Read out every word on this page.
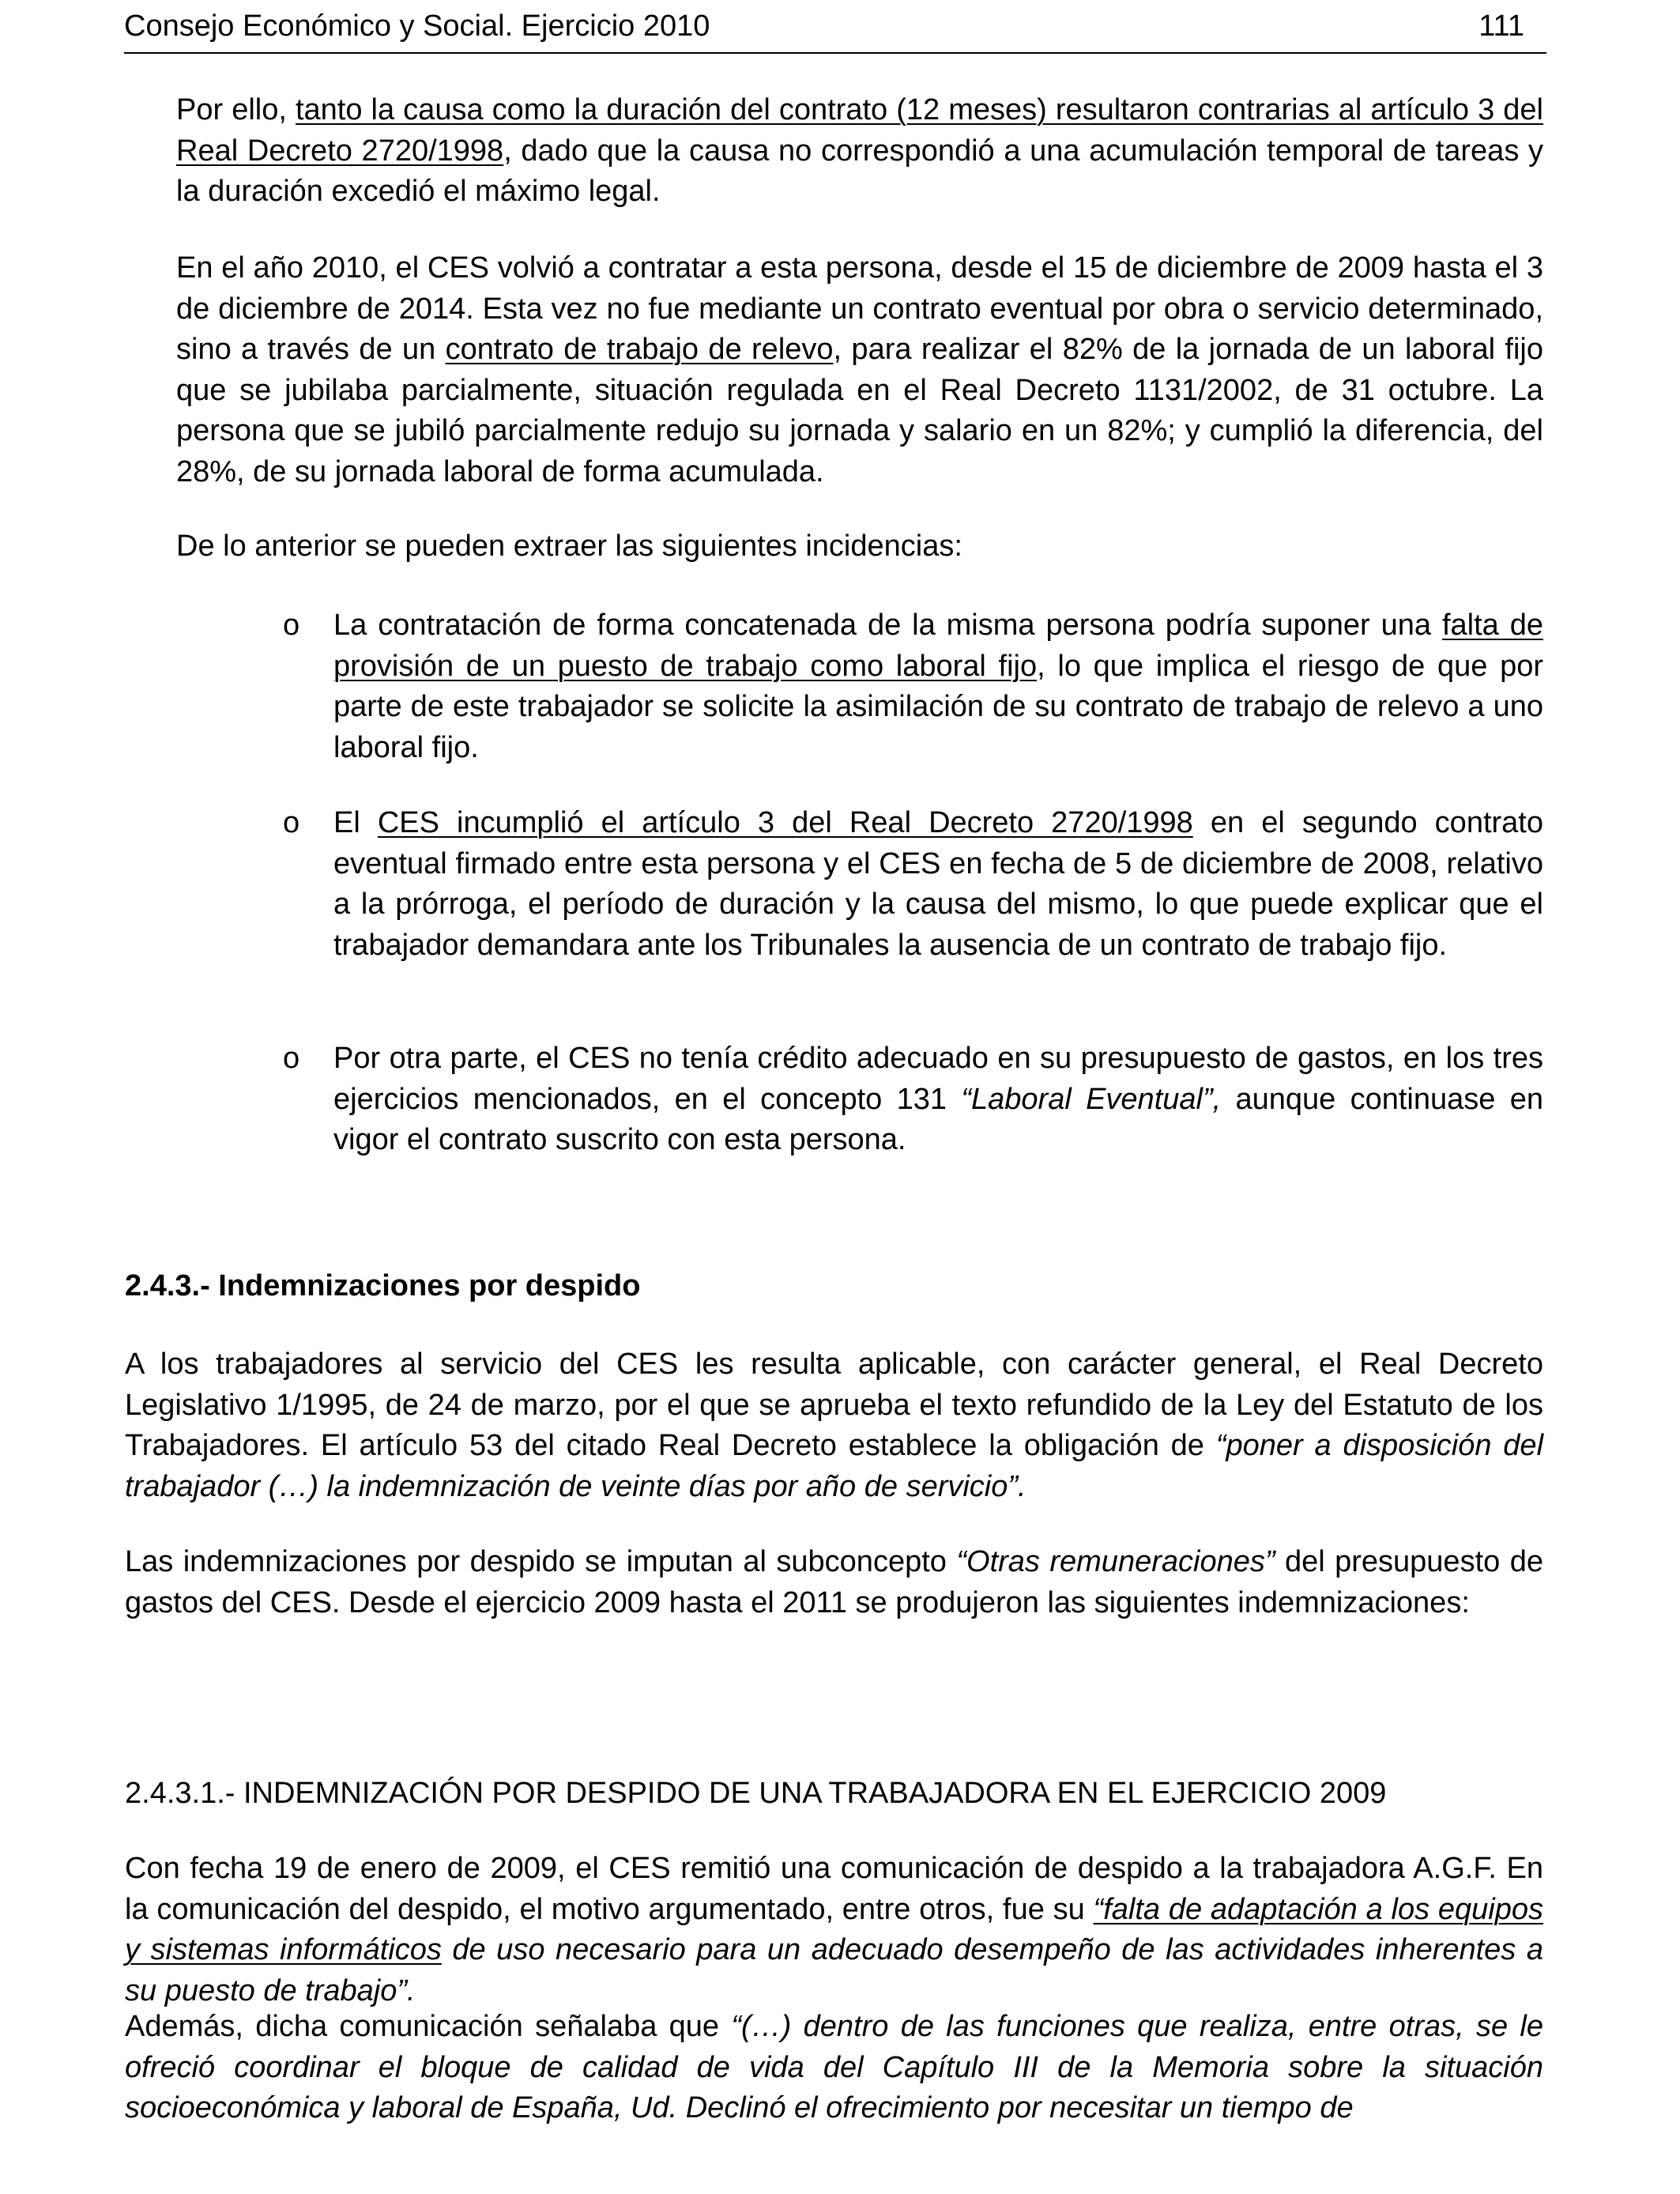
Consejo Económico y Social. Ejercicio 2010	111

Por ello, tanto la causa como la duración del contrato (12 meses) resultaron contrarias al artículo 3 del Real Decreto 2720/1998, dado que la causa no correspondió a una acumulación temporal de tareas y la duración excedió el máximo legal.

En el año 2010, el CES volvió a contratar a esta persona, desde el 15 de diciembre de 2009 hasta el 3 de diciembre de 2014. Esta vez no fue mediante un contrato eventual por obra o servicio determinado, sino a través de un contrato de trabajo de relevo, para realizar el 82% de la jornada de un laboral fijo que se jubilaba parcialmente, situación regulada en el Real Decreto 1131/2002, de 31 octubre. La persona que se jubiló parcialmente redujo su jornada y salario en un 82%; y cumplió la diferencia, del 28%, de su jornada laboral de forma acumulada.

De lo anterior se pueden extraer las siguientes incidencias:

o La contratación de forma concatenada de la misma persona podría suponer una falta de provisión de un puesto de trabajo como laboral fijo, lo que implica el riesgo de que por parte de este trabajador se solicite la asimilación de su contrato de trabajo de relevo a uno laboral fijo.

o El CES incumplió el artículo 3 del Real Decreto 2720/1998 en el segundo contrato eventual firmado entre esta persona y el CES en fecha de 5 de diciembre de 2008, relativo a la prórroga, el período de duración y la causa del mismo, lo que puede explicar que el trabajador demandara ante los Tribunales la ausencia de un contrato de trabajo fijo.

o Por otra parte, el CES no tenía crédito adecuado en su presupuesto de gastos, en los tres ejercicios mencionados, en el concepto 131 “Laboral Eventual”, aunque continuase en vigor el contrato suscrito con esta persona.

2.4.3.- Indemnizaciones por despido

A los trabajadores al servicio del CES les resulta aplicable, con carácter general, el Real Decreto Legislativo 1/1995, de 24 de marzo, por el que se aprueba el texto refundido de la Ley del Estatuto de los Trabajadores. El artículo 53 del citado Real Decreto establece la obligación de “poner a disposición del trabajador (…) la indemnización de veinte días por año de servicio”.

Las indemnizaciones por despido se imputan al subconcepto “Otras remuneraciones” del presupuesto de gastos del CES. Desde el ejercicio 2009 hasta el 2011 se produjeron las siguientes indemnizaciones:

2.4.3.1.- INDEMNIZACIÓN POR DESPIDO DE UNA TRABAJADORA EN EL EJERCICIO 2009

Con fecha 19 de enero de 2009, el CES remitió una comunicación de despido a la trabajadora A.G.F. En la comunicación del despido, el motivo argumentado, entre otros, fue su “falta de adaptación a los equipos y sistemas informáticos de uso necesario para un adecuado desempeño de las actividades inherentes a su puesto de trabajo”.

Además, dicha comunicación señalaba que “(…) dentro de las funciones que realiza, entre otras, se le ofreció coordinar el bloque de calidad de vida del Capítulo III de la Memoria sobre la situación socioeconómica y laboral de España, Ud. Declinó el ofrecimiento por necesitar un tiempo de
